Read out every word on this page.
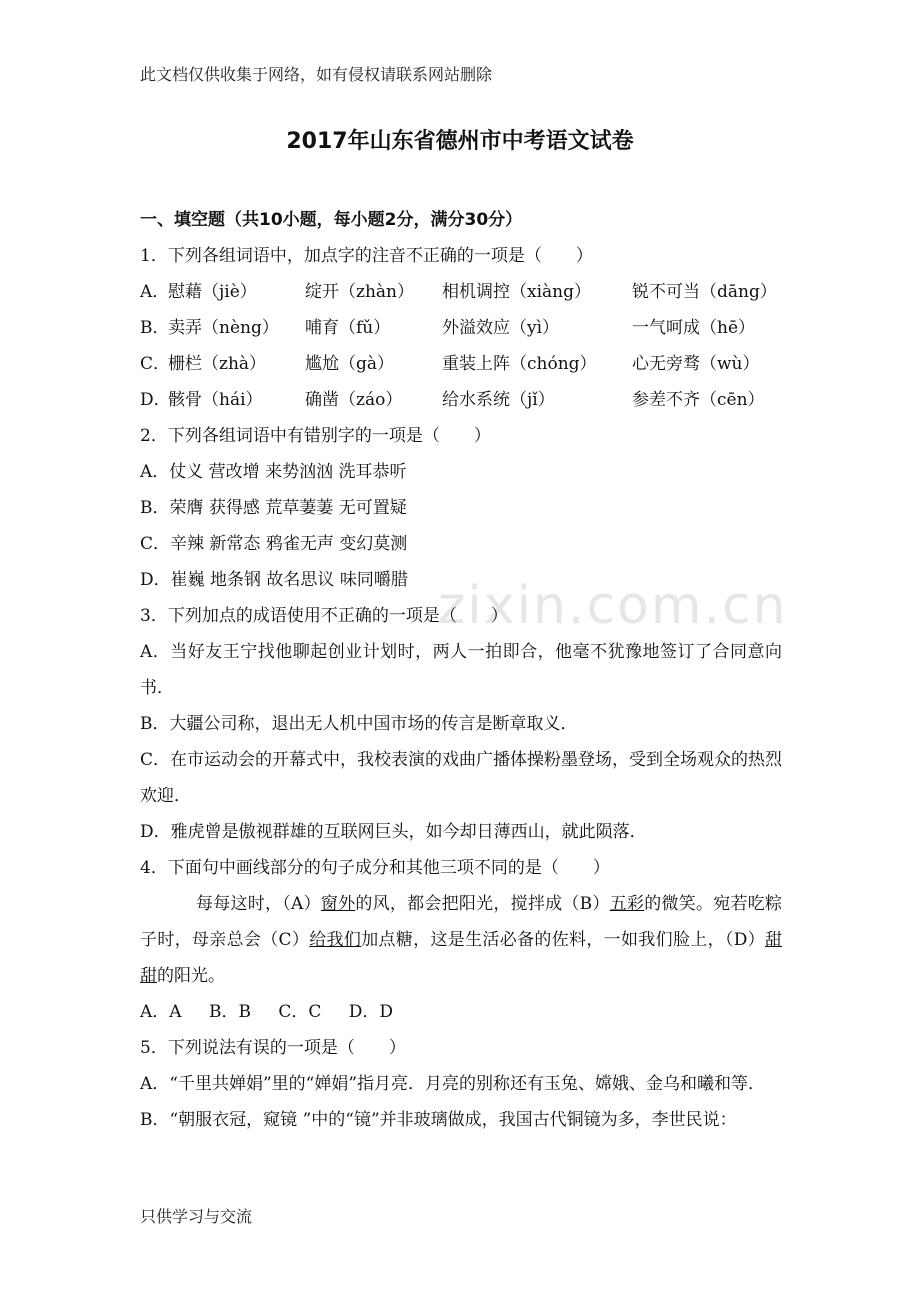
此文档仅供收集于网络，如有侵权请联系网站删除
2017年山东省德州市中考语文试卷
zixin.com.cn
一、填空题（共10小题，每小题2分，满分30分）
1．下列各组词语中，加点字的注音不正确的一项是（　　）
A．
慰藉（jiè）	绽开（zhàn）	相机调控（xiàng）	锐不可当（dāng）
B．
卖弄（nèng）	哺育（fǔ）	外溢效应（yì）	一气呵成（hē）
C．
栅栏（zhà）	尴尬（gà）	重装上阵（chóng）	心无旁骛（wù）
D．
骸骨（hái）	确凿（záo）	给水系统（jǐ）	参差不齐（cēn）
2．下列各组词语中有错别字的一项是（　　）
A．仗义 营改增 来势汹汹 洗耳恭听
B．荣膺 获得感 荒草萋萋 无可置疑
C．辛辣 新常态 鸦雀无声 变幻莫测
D．崔巍 地条钢 故名思议 味同嚼腊
3．下列加点的成语使用不正确的一项是（　　）
A．当好友王宁找他聊起创业计划时，两人一拍即合，他毫不犹豫地签订了合同意向书．
B．大疆公司称，退出无人机中国市场的传言是断章取义．
C．在市运动会的开幕式中，我校表演的戏曲广播体操粉墨登场，受到全场观众的热烈欢迎．
D．雅虎曾是傲视群雄的互联网巨头，如今却日薄西山，就此陨落．
4．下面句中画线部分的句子成分和其他三项不同的是（　　）
每每这时，（A）窗外的风，都会把阳光，搅拌成（B）五彩的微笑。宛若吃粽子时，母亲总会（C）给我们加点糖，这是生活必备的佐料，一如我们脸上，（D）甜甜的阳光。
A．A B．B C．C D．D
5．下列说法有误的一项是（　　）
A．“千里共婵娟”里的“婵娟”指月亮．月亮的别称还有玉兔、嫦娥、金乌和曦和等．
B．“朝服衣冠，窥镜 ”中的“镜”并非玻璃做成，我国古代铜镜为多，李世民说：
只供学习与交流
